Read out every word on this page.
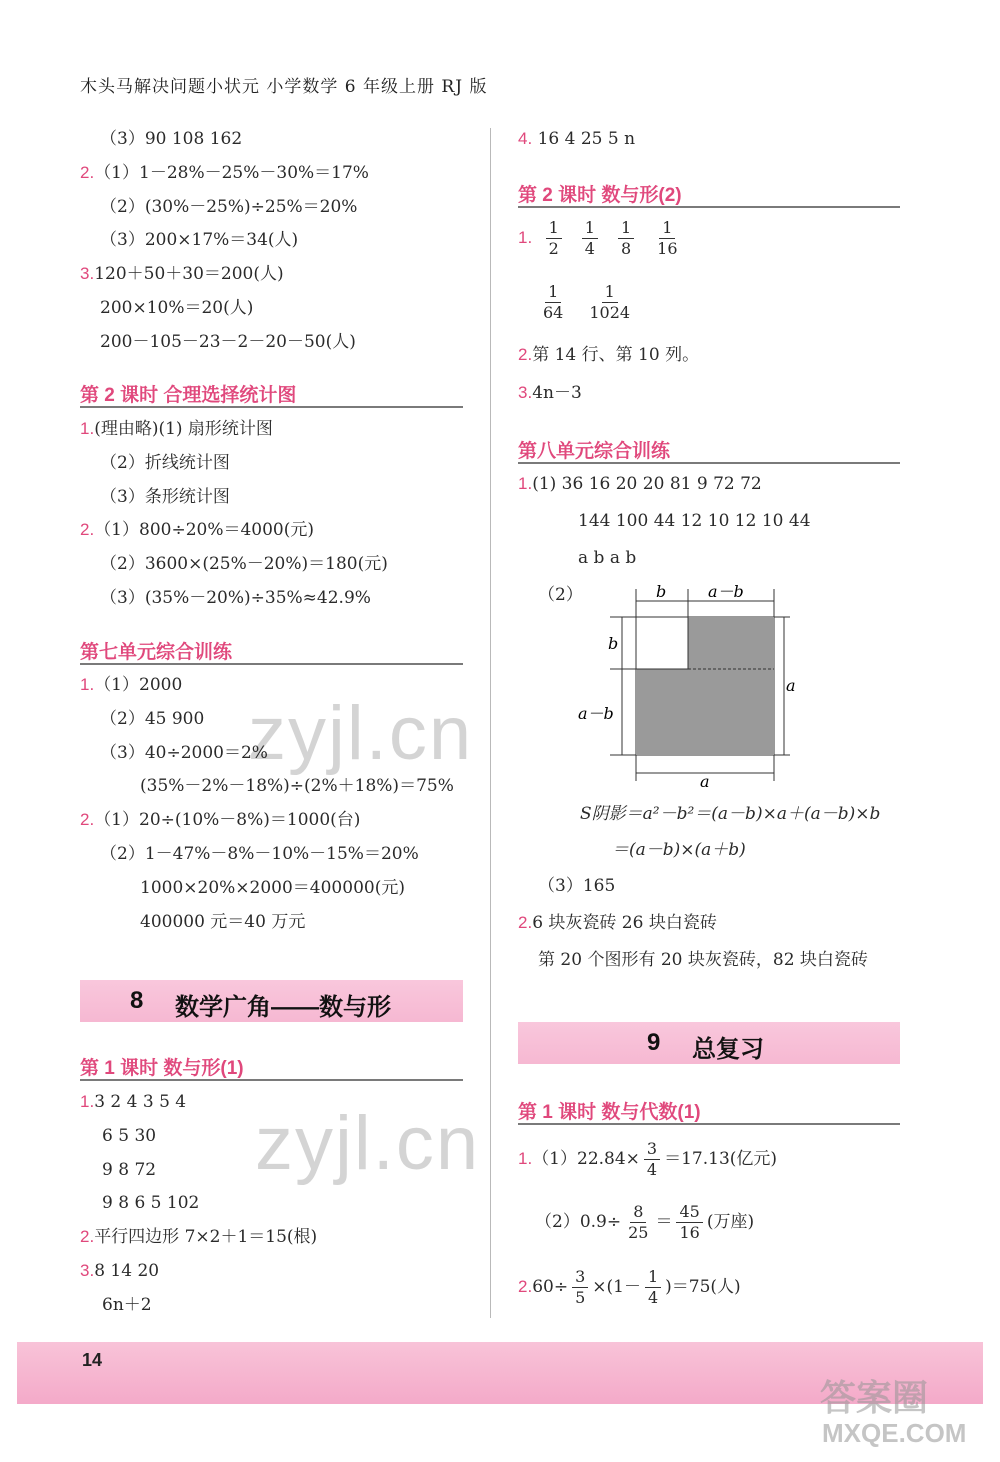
木头马解决问题小状元 小学数学 6 年级上册 RJ 版
（3）90 108 162
2.（1）1－28%－25%－30%＝17%
（2）(30%－25%)÷25%＝20%
（3）200×17%＝34(人)
3.120＋50＋30＝200(人)
200×10%＝20(人)
200－105－23－2－20－50(人)
第 2 课时 合理选择统计图
第七单元综合训练
8 数学广角——数与形
第 1 课时 数与形(1)
4. 16 4 25 5 n
第 2 课时 数与形(2)
1. $\frac{1}{2} \frac{1}{4} \frac{1}{8} \frac{1}{16}$
$\frac{1}{64} \frac{1}{1024}$
2.第 14 行、第 10 列。
3.4n－3
第八单元综合训练
1.(1) 36 16 20 20 81 9 72 72
144 100 44 12 10 12 10 44
a b a b
（2）	b	a－b
b
a－b
a
a
S阴影＝a²－b²＝(a－b)×a＋(a－b)×b
＝(a－b)×(a＋b)
（3）165
2.6 块灰瓷砖 26 块白瓷砖
第 20 个图形有 20 块灰瓷砖，82 块白瓷砖
9 总复习
第 1 课时 数与代数(1)
$1.(1)22.84\times \frac{3}{4} =17.13$(亿元)
$(2)0.9\div \frac{8}{25} = \frac{45}{16}$ (万座)
$2.60\div \frac{3}{5} \times(1- \frac{1}{4} )=75$(人)
zyjl.cn
zyjl.cn
14
答案圈
MXQE.COM
1.(理由略)(1) 扇形统计图
（2）折线统计图
（3）条形统计图
2.（1）800÷20%＝4000(元)
（2）3600×(25%－20%)＝180(元)
（3）(35%－20%)÷35%≈42.9%
1.（1）2000
（2）45 900
（3）40÷2000＝2%
(35%－2%－18%)÷(2%＋18%)＝75%
2.（1）20÷(10%－8%)＝1000(台)
（2）1－47%－8%－10%－15%＝20%
1000×20%×2000＝400000(元)
400000 元＝40 万元
1.3 2 4 3 5 4
6 5 30
9 8 72
9 8 6 5 102
2.平行四边形 7×2＋1＝15(根)
3.8 14 20
6n＋2
